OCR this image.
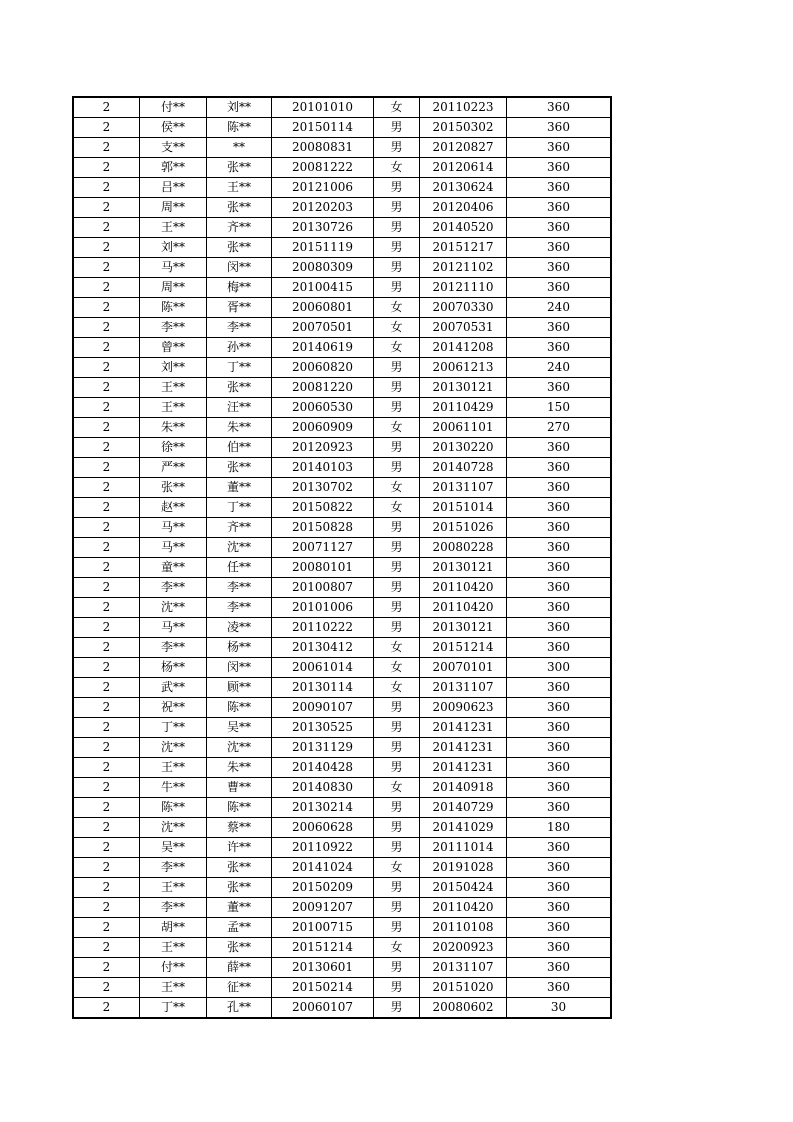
2	付**	刘**	20101010	女	20110223	360
2	侯**	陈**	20150114	男	20150302	360
2	支**	**	20080831	男	20120827	360
2	郭**	张**	20081222	女	20120614	360
2	吕**	王**	20121006	男	20130624	360
2	周**	张**	20120203	男	20120406	360
2	王**	齐**	20130726	男	20140520	360
2	刘**	张**	20151119	男	20151217	360
2	马**	闵**	20080309	男	20121102	360
2	周**	梅**	20100415	男	20121110	360
2	陈**	胥**	20060801	女	20070330	240
2	李**	李**	20070501	女	20070531	360
2	曾**	孙**	20140619	女	20141208	360
2	刘**	丁**	20060820	男	20061213	240
2	王**	张**	20081220	男	20130121	360
2	王**	汪**	20060530	男	20110429	150
2	朱**	朱**	20060909	女	20061101	270
2	徐**	伯**	20120923	男	20130220	360
2	严**	张**	20140103	男	20140728	360
2	张**	董**	20130702	女	20131107	360
2	赵**	丁**	20150822	女	20151014	360
2	马**	齐**	20150828	男	20151026	360
2	马**	沈**	20071127	男	20080228	360
2	童**	任**	20080101	男	20130121	360
2	李**	李**	20100807	男	20110420	360
2	沈**	李**	20101006	男	20110420	360
2	马**	凌**	20110222	男	20130121	360
2	李**	杨**	20130412	女	20151214	360
2	杨**	闵**	20061014	女	20070101	300
2	武**	顾**	20130114	女	20131107	360
2	祝**	陈**	20090107	男	20090623	360
2	丁**	吴**	20130525	男	20141231	360
2	沈**	沈**	20131129	男	20141231	360
2	王**	朱**	20140428	男	20141231	360
2	牛**	曹**	20140830	女	20140918	360
2	陈**	陈**	20130214	男	20140729	360
2	沈**	蔡**	20060628	男	20141029	180
2	吴**	许**	20110922	男	20111014	360
2	李**	张**	20141024	女	20191028	360
2	王**	张**	20150209	男	20150424	360
2	李**	董**	20091207	男	20110420	360
2	胡**	孟**	20100715	男	20110108	360
2	王**	张**	20151214	女	20200923	360
2	付**	薛**	20130601	男	20131107	360
2	王**	征**	20150214	男	20151020	360
2	丁**	孔**	20060107	男	20080602	30
